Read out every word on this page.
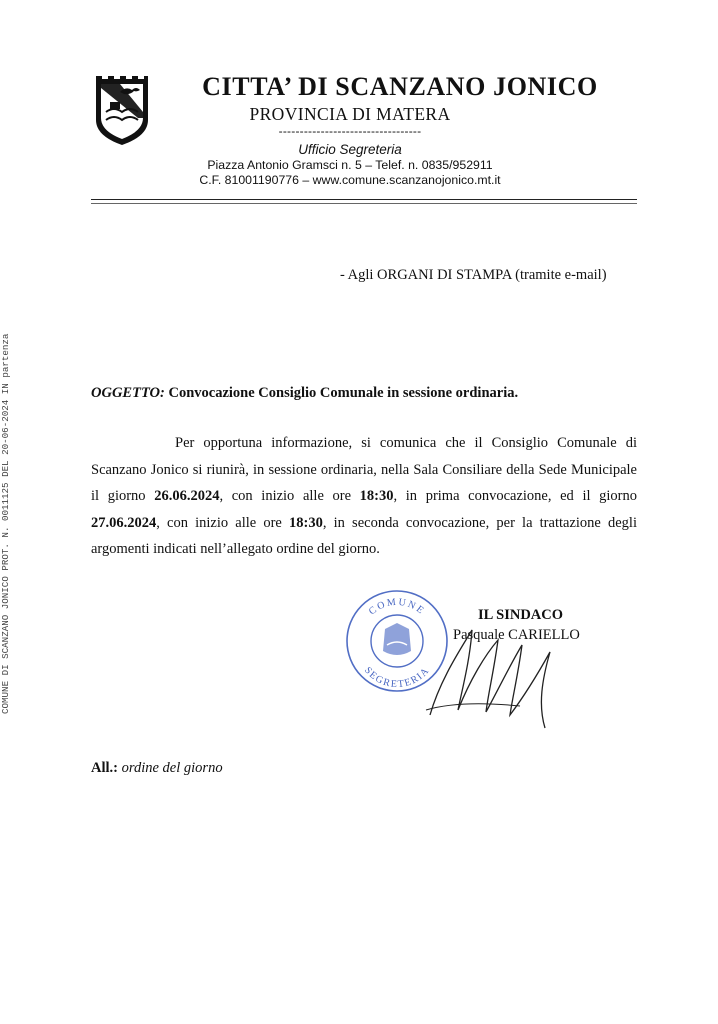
CITTA’ DI SCANZANO JONICO
PROVINCIA DI MATERA
----------------------------------
Ufficio Segreteria
Piazza Antonio Gramsci n. 5 – Telef. n. 0835/952911
C.F. 81001190776 – www.comune.scanzanojonico.mt.it
COMUNE DI SCANZANO JONICO PROT. N. 0011125 DEL 20-06-2024 IN partenza
- Agli ORGANI DI STAMPA (tramite e-mail)
OGGETTO: Convocazione Consiglio Comunale in sessione ordinaria.

Per opportuna informazione, si comunica che il Consiglio Comunale di Scanzano Jonico si riunirà, in sessione ordinaria, nella Sala Consiliare della Sede Municipale il giorno 26.06.2024, con inizio alle ore 18:30, in prima convocazione, ed il giorno 27.06.2024, con inizio alle ore 18:30, in seconda convocazione, per la trattazione degli argomenti indicati nell’allegato ordine del giorno.

COMUNE
SEGRETERIA
IL SINDACO
Pasquale CARIELLO
All.: ordine del giorno
